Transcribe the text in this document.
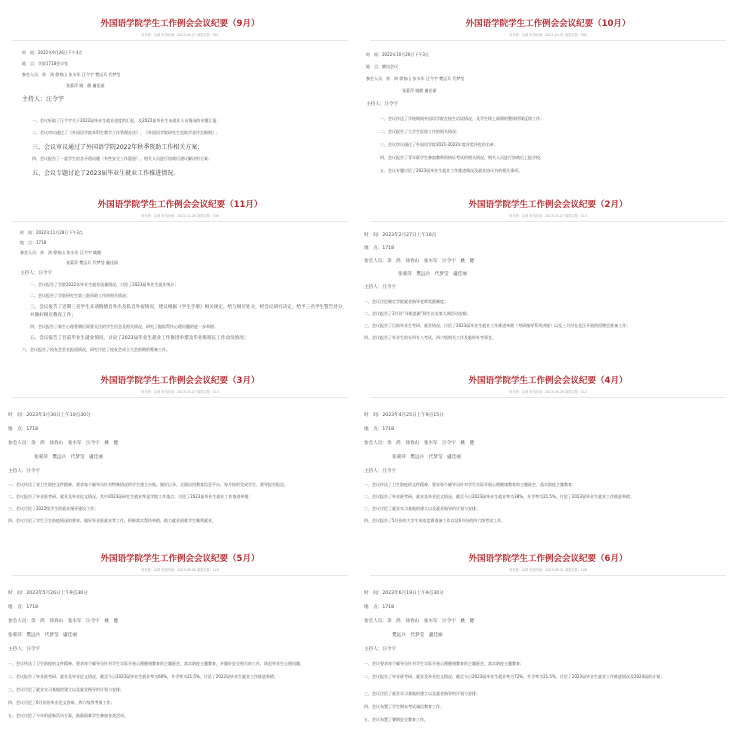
外国语学院学生工作例会会议纪要（9月）
发布者：余鸿 发布时间：2022-09-27 浏览次数：457
时　间：2022年9月26日下午3点
地　点：学院1718会议室
参会人员：余　鸿 徐春山 张水军 汪令宇 樊远兵 代梦莹
张蒙萍 姚　健 盧佳丽
主持人：汪令宇
一、会议听取了汪令宇关于2022届毕业生就业进度的汇报，及2022届毕业生未就业人员情况的专题汇报；
二、会议审议通过了《外国语学院本科生教学工作管理办法》、《外国语学院研究生奖助学金评定细则》；
三、会议审议通过了外国语学院2022年秋季资助工作相关方案；
四、会议报告了一起学生宿舍矛盾问题（有些安全工作隐患），相关人员进行协商后建议解决的方案；
五、会议专题讨论了2023届毕业生就业工作推进情况。
外国语学院学生工作例会会议纪要（10月）
发布者：余鸿 发布时间：2022-10-31 浏览次数：392
时　间：2022年10月26日下午3点
地　点：腾讯会议
参会人员：余　鸿 徐春山 张水军 汪令宇 樊远兵 代梦莹
张蒙萍 姚健 盧佳丽
主持人：汪令宇
一、会议传达了学校期间外国语学院在校生访谈情况，及学生线上网课的整体授课反馈工作；
二、会议报告了大学生医保工作的相关情况；
三、会议审议通过了外国语学院2021-2022年度评奖评优的名单；
四、会议报告了青年联学生参加教师资格证考试的相关情况，相关人员进行协商后上报学校；
五、会议专题讨论了2023届毕业生就业工作推进情况及就业协议书的相关事项。
外国语学院学生工作例会会议纪要（11月）
发布者：余鸿 发布时间：2022-11-28 浏览次数：156
时　间：2022年11月28日下午3点
地　点：1718
参会人员：余　鸿 徐春山 张水军 汪令宇 姚健
张蒙萍 樊远兵 代梦莹 盧佳丽
主持人：汪令宇
一、会议报告了学院2022年毕业生就业质量情况，讨论了2023届毕业生就业统计；
二、会议报告了学院研究生第三批资助工作的相关情况；
三、会议报告了近期三名学生未请假擅自外出及私自外宿情况，建议根据《学生手册》相关规定，给与相应处分，经会议研究决定，给予三名学生警告处分，并做好相应教育工作；
四、会议报告了新生心理普测后需要关注的学生信息及相关情况，研究了跟踪帮扶心理问题的进一步举措；
五、会议报告了目前毕业生就业情况，讨论了2023届毕业生就业工作推进举措及毕业班班长工作动员情况；
六、会议报告了校友会会长报道情况，研究讨论了校友会成立大会前期的筹备工作。
外国语学院学生工作例会会议纪要（2月）
发布者：余鸿 发布时间：2023-03-27 浏览次数：114
时　间：2023年2月27日上午10点
地　点：1718
参会人员：余　鸿　徐春山　张水军　汪令宇　姚　健
张蒙萍　樊远兵　代梦莹　盧佳丽
主持人：汪令宇
一、会议讨论制定学院就业指导老师奖励制度；
二、会议报告了3月份“寻根追源”探生访友第九期活动安排；
三、会议报告了目前毕业生考研、就业情况，讨论了2023届毕业生就业工作推进举措（考研指导系列讲座）以及三月份在北区开展的招聘会准备工作；
四、会议报告了毕业生的专四专八考试、四六级相关工作及临时补考事宜。
外国语学院学生工作例会会议纪要（3月）
发布者：余鸿 发布时间：2023-03-27 浏览次数：114
时　间：2023年3月30日上午10点30分
地　点：1718
参会人员：余　鸿　徐春山　张水军　汪令宇　姚　健
张蒙萍　樊远兵　代梦莹　盧佳丽
主持人：汪令宇
一、会议传达了省卫生防控文件精神，要求每个辅导员针对特殊情况的学生建立台账，做好记录，全面启用教育信息平台，每月按时完成学生、督导报告报送；
二、会议报告了毕业班考研、就业及毕业论文情况，其中2023届研究生就业率是学院工作重点；讨论了2023届毕业生就业工作推进举措；
三、会议讨论了2022级学生的就业指导建设工作；
四、会议讨论了学生卫生防疫情况的要求，做好毕业班就业等工作，积极落实帮扶举措，助力就业困难学生顺利就业。
外国语学院学生工作例会会议纪要（4月）
发布者：余鸿 发布时间：2023-04-26 浏览次数：112
时　间：2023年4月25日上午9点15分
地　点：1718
参会人员：余　鸿　徐春山　张水军　汪令宇　姚　健
张蒙萍　樊远兵　代梦莹　盧佳丽
主持人：汪令宇
一、会议传达了卫生防疫的文件精神，要求每个辅导员针对学生实际开展心理健康教育的主题班会，落实防疫主题教育；
二、会议报告了毕业班考研、就业及毕业论文情况，截至今日2023届毕业生就业率为38%，升学率为21.5%，讨论了2023届毕业生就业工作推进举措；
三、会议讨论了就业实习基地的建立以及就业指导的计划与安排；
四、会议报告了5月份的大学生英语竞赛准备工作以及6月份的四六级考试工作。
外国语学院学生工作例会会议纪要（5月）
发布者：余鸿 发布时间：2023-06-06 浏览次数：120
时　间：2023年5月26日上午9点30分
地　点：1718
参会人员：余　鸿　徐春山　张水军　汪令宇　姚　健
张蒙萍　樊远兵　代梦莹　盧佳丽
主持人：汪令宇
一、会议传达了卫生防疫的文件精神，要求每个辅导员针对学生实际开展心理健康教育的主题班会，落实防疫主题教育，并做好安全相关的工作，防范毕业生心理问题；
二、会议报告了毕业班考研、就业及毕业论文情况，截至今日2023届毕业生就业率为60%，升学率为21.5%，讨论了2023届毕业生就业工作推进举措；
三、会议讨论了就业实习基地的建立以及就业指导的计划与安排；
四、会议讨论了6月份的毕业论文答辩、四六级等考务工作；
五、会议讨论了今年的迎新活动方案，鼓励困难学生参加各类活动。
外国语学院学生工作例会会议纪要（6月）
发布者：余鸿 发布时间：2023-06-31 浏览次数：106
时　间：2023年6月19日上午9点30分
地　点：1718
参会人员：余　鸿　徐春山　张水军　汪令宇　姚　健
樊远兵　代梦莹　盧佳丽
主持人：汪令宇
一、会议要求每个辅导员针对学生实际开展心理健康教育的主题班会，落实防疫主题教育；
二、会议报告了毕业班考研、就业及毕业论文情况，截至今日2023届毕业生就业率为72%，升学率为21.5%，讨论了2023届毕业生就业工作推进情况及2024届的计划；
三、会议讨论了就业实习基地的建立以及就业指导的计划与安排；
四、会议布置了学生期末考试诚信教育工作；
五、会议布置了暑期安全教育工作。
